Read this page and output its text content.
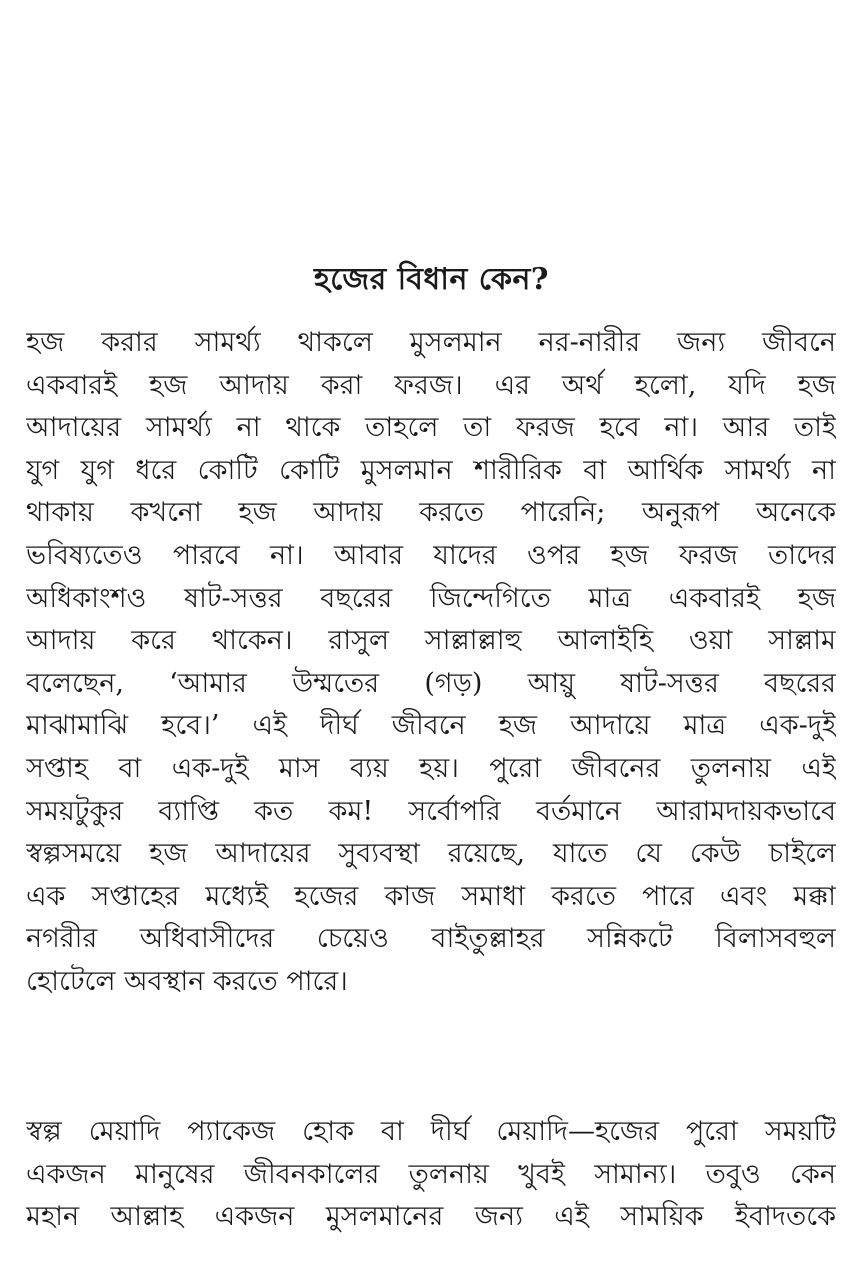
হজের বিধান কেন?
হজ করার সামর্থ্য থাকলে মুসলমান নর-নারীর জন্য জীবনে
একবারই হজ আদায় করা ফরজ। এর অর্থ হলো, যদি হজ
আদায়ের সামর্থ্য না থাকে তাহলে তা ফরজ হবে না। আর তাই
যুগ যুগ ধরে কোটি কোটি মুসলমান শারীরিক বা আর্থিক সামর্থ্য না
থাকায় কখনো হজ আদায় করতে পারেনি; অনুরূপ অনেকে
ভবিষ্যতেও পারবে না। আবার যাদের ওপর হজ ফরজ তাদের
অধিকাংশও ষাট-সত্তর বছরের জিন্দেগিতে মাত্র একবারই হজ
আদায় করে থাকেন। রাসুল সাল্লাল্লাহু আলাইহি ওয়া সাল্লাম
বলেছেন, ‘আমার উম্মতের (গড়) আয়ু ষাট-সত্তর বছরের
মাঝামাঝি হবে।’ এই দীর্ঘ জীবনে হজ আদায়ে মাত্র এক-দুই
সপ্তাহ বা এক-দুই মাস ব্যয় হয়। পুরো জীবনের তুলনায় এই
সময়টুকুর ব্যাপ্তি কত কম! সর্বোপরি বর্তমানে আরামদায়কভাবে
স্বল্পসময়ে হজ আদায়ের সুব্যবস্থা রয়েছে, যাতে যে কেউ চাইলে
এক সপ্তাহের মধ্যেই হজের কাজ সমাধা করতে পারে এবং মক্কা
নগরীর অধিবাসীদের চেয়েও বাইতুল্লাহর সন্নিকটে বিলাসবহুল
হোটেলে অবস্থান করতে পারে।
স্বল্প মেয়াদি প্যাকেজ হোক বা দীর্ঘ মেয়াদি—হজের পুরো সময়টি
একজন মানুষের জীবনকালের তুলনায় খুবই সামান্য। তবুও কেন
মহান আল্লাহ একজন মুসলমানের জন্য এই সাময়িক ইবাদতকে
